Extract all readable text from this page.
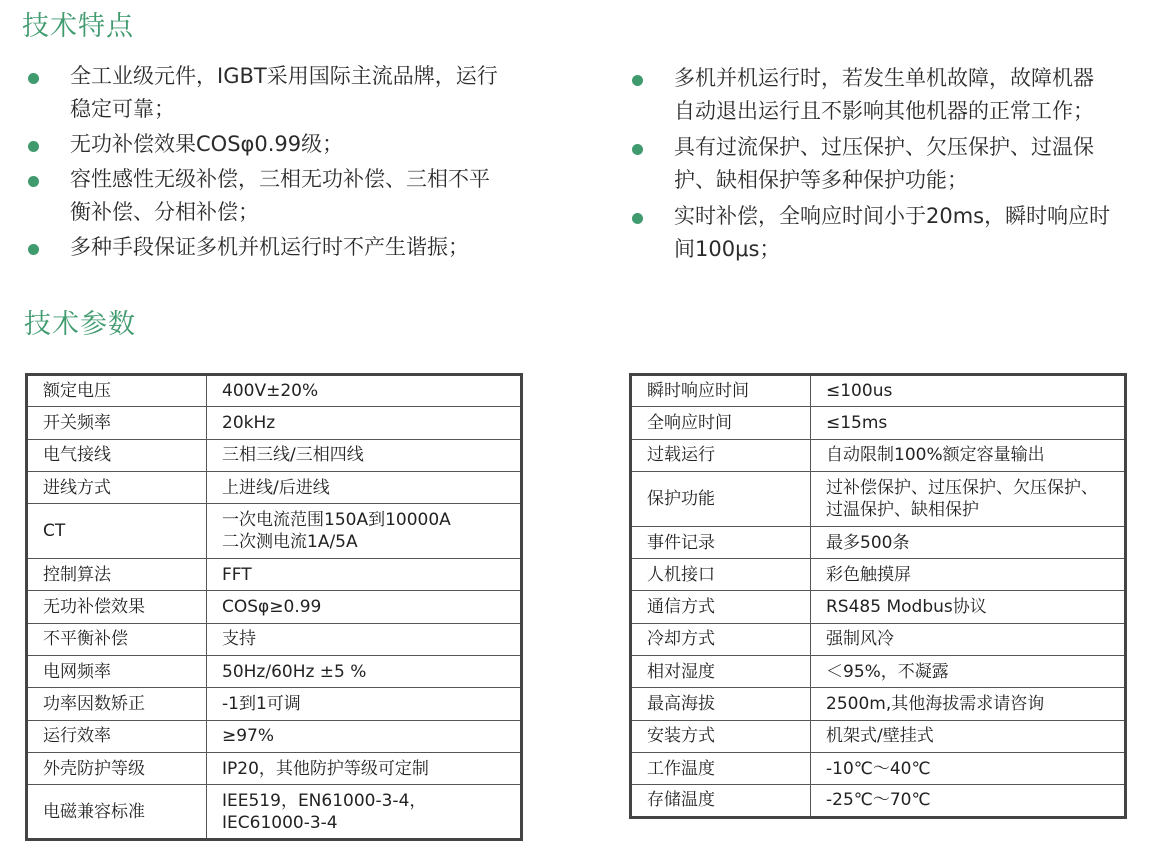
技术特点
全工业级元件，IGBT采用国际主流品牌，运行
稳定可靠；
无功补偿效果COSφ0.99级；
容性感性无级补偿，三相无功补偿、三相不平
衡补偿、分相补偿；
多种手段保证多机并机运行时不产生谐振；
多机并机运行时，若发生单机故障，故障机器
自动退出运行且不影响其他机器的正常工作；
具有过流保护、过压保护、欠压保护、过温保
护、缺相保护等多种保护功能；
实时补偿，全响应时间小于20ms，瞬时响应时
间100μs；
技术参数
额定电压	400V±20%

开关频率	20kHz

电气接线	三相三线/三相四线

进线方式	上进线/后进线

CT	一次电流范围150A到10000A
二次测电流1A/5A

控制算法	FFT

无功补偿效果	COSφ≥0.99

不平衡补偿	支持

电网频率	50Hz/60Hz ±5 %

功率因数矫正	-1到1可调

运行效率	≥97%

外壳防护等级	IP20，其他防护等级可定制

电磁兼容标准	IEE519，EN61000-3-4，
IEC61000-3-4
瞬时响应时间	≤100us

全响应时间	≤15ms

过载运行	自动限制100%额定容量输出

保护功能	过补偿保护、过压保护、欠压保护、
过温保护、缺相保护

事件记录	最多500条

人机接口	彩色触摸屏

通信方式	RS485 Modbus协议

冷却方式	强制风冷

相对湿度	＜95%，不凝露

最高海拔	2500m,其他海拔需求请咨询

安装方式	机架式/壁挂式

工作温度	-10℃～40℃

存储温度	-25℃～70℃
